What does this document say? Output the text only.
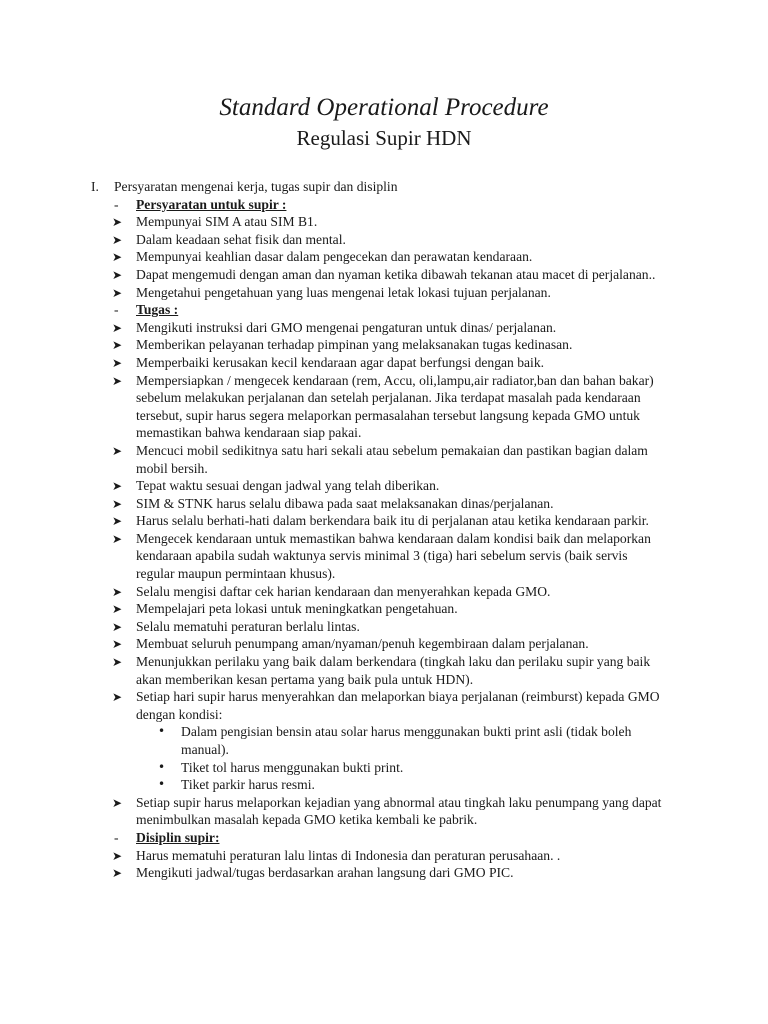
Standard Operational Procedure
Regulasi Supir HDN
I. Persyaratan mengenai kerja, tugas supir dan disiplin
- Persyaratan untuk supir :
➤ Mempunyai SIM A atau SIM B1.
➤ Dalam keadaan sehat fisik dan mental.
➤ Mempunyai keahlian dasar dalam pengecekan dan perawatan kendaraan.
➤ Dapat mengemudi dengan aman dan nyaman ketika dibawah tekanan atau macet di perjalanan..
➤ Mengetahui pengetahuan yang luas mengenai letak lokasi tujuan perjalanan.
- Tugas :
➤ Mengikuti instruksi dari GMO mengenai pengaturan untuk dinas/ perjalanan.
➤ Memberikan pelayanan terhadap pimpinan yang melaksanakan tugas kedinasan.
➤ Memperbaiki kerusakan kecil kendaraan agar dapat berfungsi dengan baik.
➤ Mempersiapkan / mengecek kendaraan (rem, Accu, oli,lampu,air radiator,ban dan bahan bakar) sebelum melakukan perjalanan dan setelah perjalanan. Jika terdapat masalah pada kendaraan tersebut, supir harus segera melaporkan permasalahan tersebut langsung kepada GMO untuk memastikan bahwa kendaraan siap pakai.
➤ Mencuci mobil sedikitnya satu hari sekali atau sebelum pemakaian dan pastikan bagian dalam mobil bersih.
➤ Tepat waktu sesuai dengan jadwal yang telah diberikan.
➤ SIM & STNK harus selalu dibawa pada saat melaksanakan dinas/perjalanan.
➤ Harus selalu berhati-hati dalam berkendara baik itu di perjalanan atau ketika kendaraan parkir.
➤ Mengecek kendaraan untuk memastikan bahwa kendaraan dalam kondisi baik dan melaporkan kendaraan apabila sudah waktunya servis minimal 3 (tiga) hari sebelum servis (baik servis regular maupun permintaan khusus).
➤ Selalu mengisi daftar cek harian kendaraan dan menyerahkan kepada GMO.
➤ Mempelajari peta lokasi untuk meningkatkan pengetahuan.
➤ Selalu mematuhi peraturan berlalu lintas.
➤ Membuat seluruh penumpang aman/nyaman/penuh kegembiraan dalam perjalanan.
➤ Menunjukkan perilaku yang baik dalam berkendara (tingkah laku dan perilaku supir yang baik akan memberikan kesan pertama yang baik pula untuk HDN).
➤ Setiap hari supir harus menyerahkan dan melaporkan biaya perjalanan (reimburst) kepada GMO dengan kondisi:
• Dalam pengisian bensin atau solar harus menggunakan bukti print asli (tidak boleh manual).
• Tiket tol harus menggunakan bukti print.
• Tiket parkir harus resmi.
➤ Setiap supir harus melaporkan kejadian yang abnormal atau tingkah laku penumpang yang dapat menimbulkan masalah kepada GMO ketika kembali ke pabrik.
- Disiplin supir:
➤ Harus mematuhi peraturan lalu lintas di Indonesia dan peraturan perusahaan. .
➤ Mengikuti jadwal/tugas berdasarkan arahan langsung dari GMO PIC.
